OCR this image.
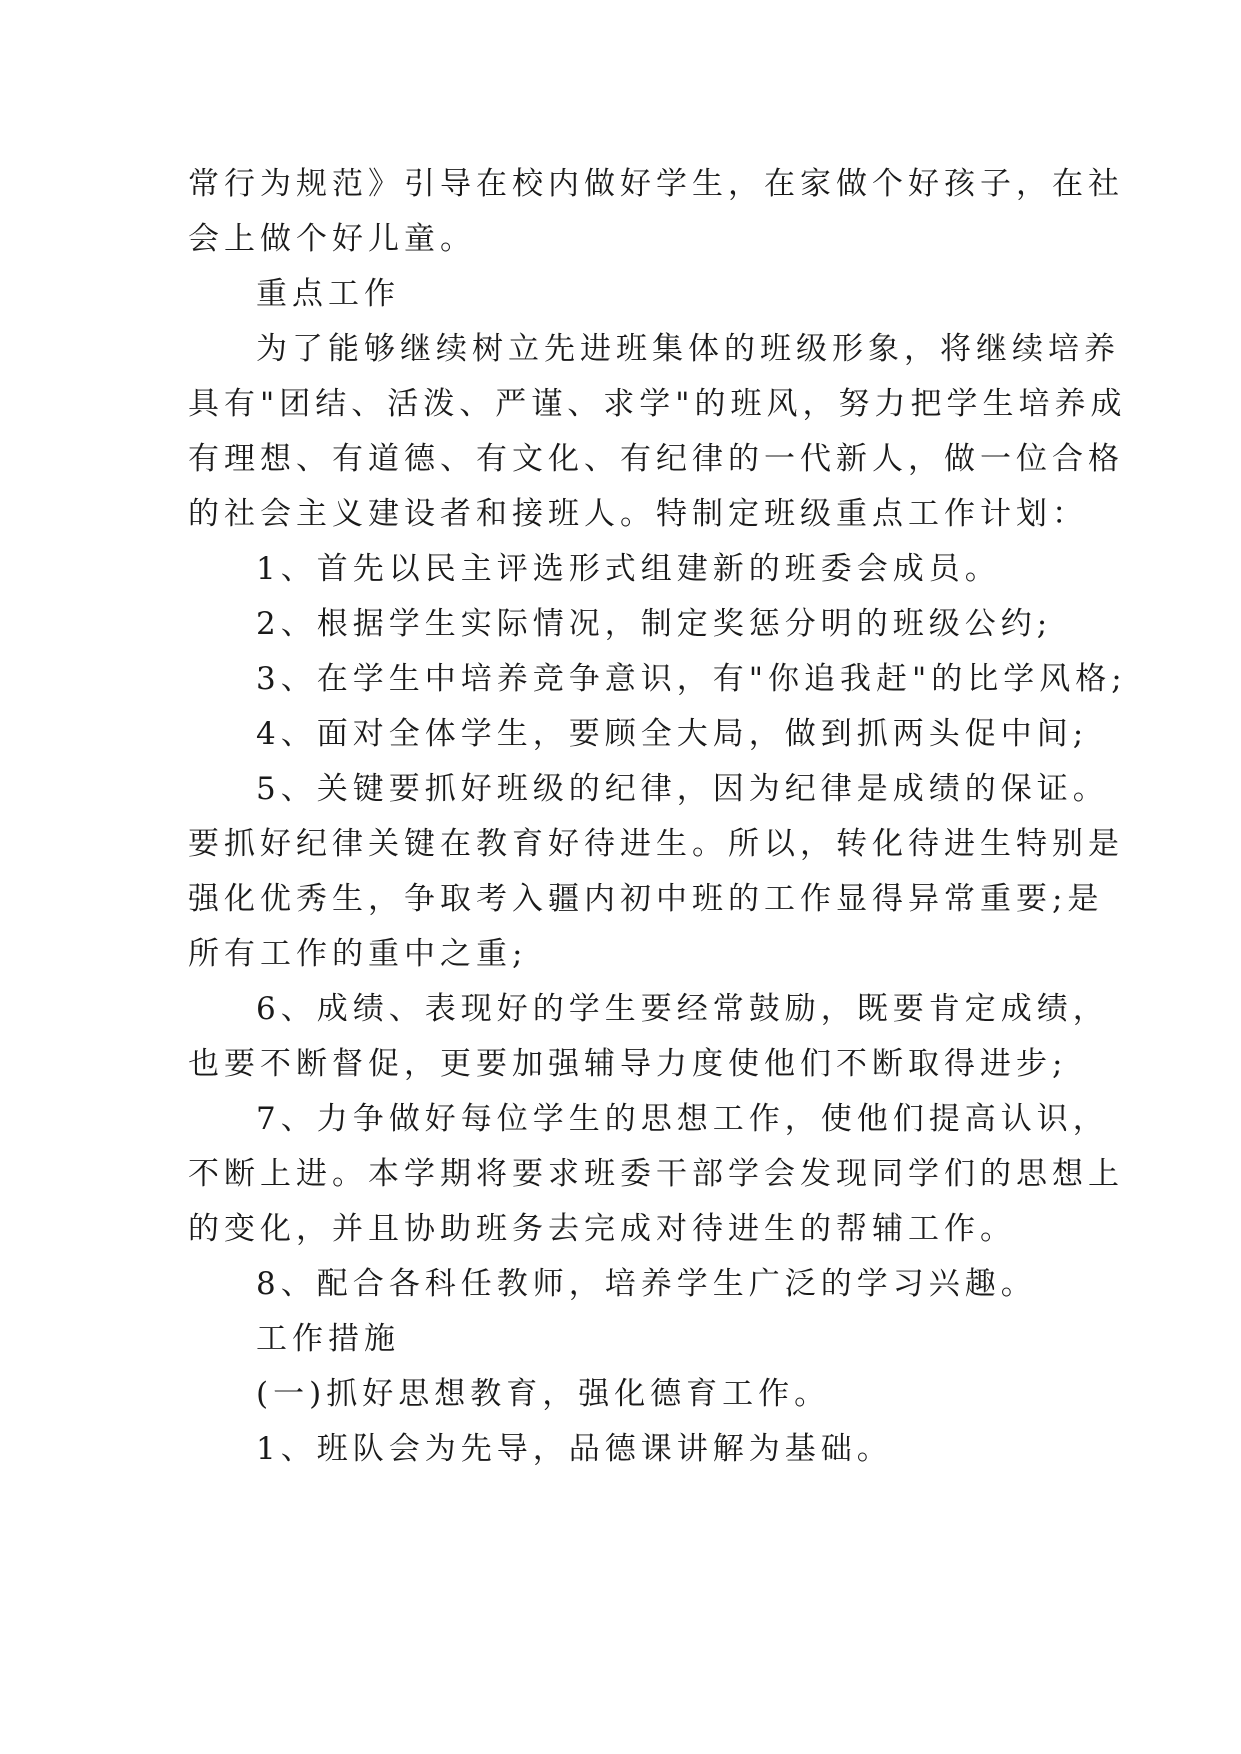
常行为规范》引导在校内做好学生，在家做个好孩子，在社

会上做个好儿童。

重点工作

为了能够继续树立先进班集体的班级形象，将继续培养

具有"团结、活泼、严谨、求学"的班风，努力把学生培养成

有理想、有道德、有文化、有纪律的一代新人，做一位合格

的社会主义建设者和接班人。特制定班级重点工作计划：

1、首先以民主评选形式组建新的班委会成员。

2、根据学生实际情况，制定奖惩分明的班级公约;

3、在学生中培养竞争意识，有"你追我赶"的比学风格;

4、面对全体学生，要顾全大局，做到抓两头促中间;

5、关键要抓好班级的纪律，因为纪律是成绩的保证。

要抓好纪律关键在教育好待进生。所以，转化待进生特别是

强化优秀生，争取考入疆内初中班的工作显得异常重要;是

所有工作的重中之重;

6、成绩、表现好的学生要经常鼓励，既要肯定成绩，

也要不断督促，更要加强辅导力度使他们不断取得进步;

7、力争做好每位学生的思想工作，使他们提高认识，

不断上进。本学期将要求班委干部学会发现同学们的思想上

的变化，并且协助班务去完成对待进生的帮辅工作。

8、配合各科任教师，培养学生广泛的学习兴趣。

工作措施

(一)抓好思想教育，强化德育工作。

1、班队会为先导，品德课讲解为基础。
